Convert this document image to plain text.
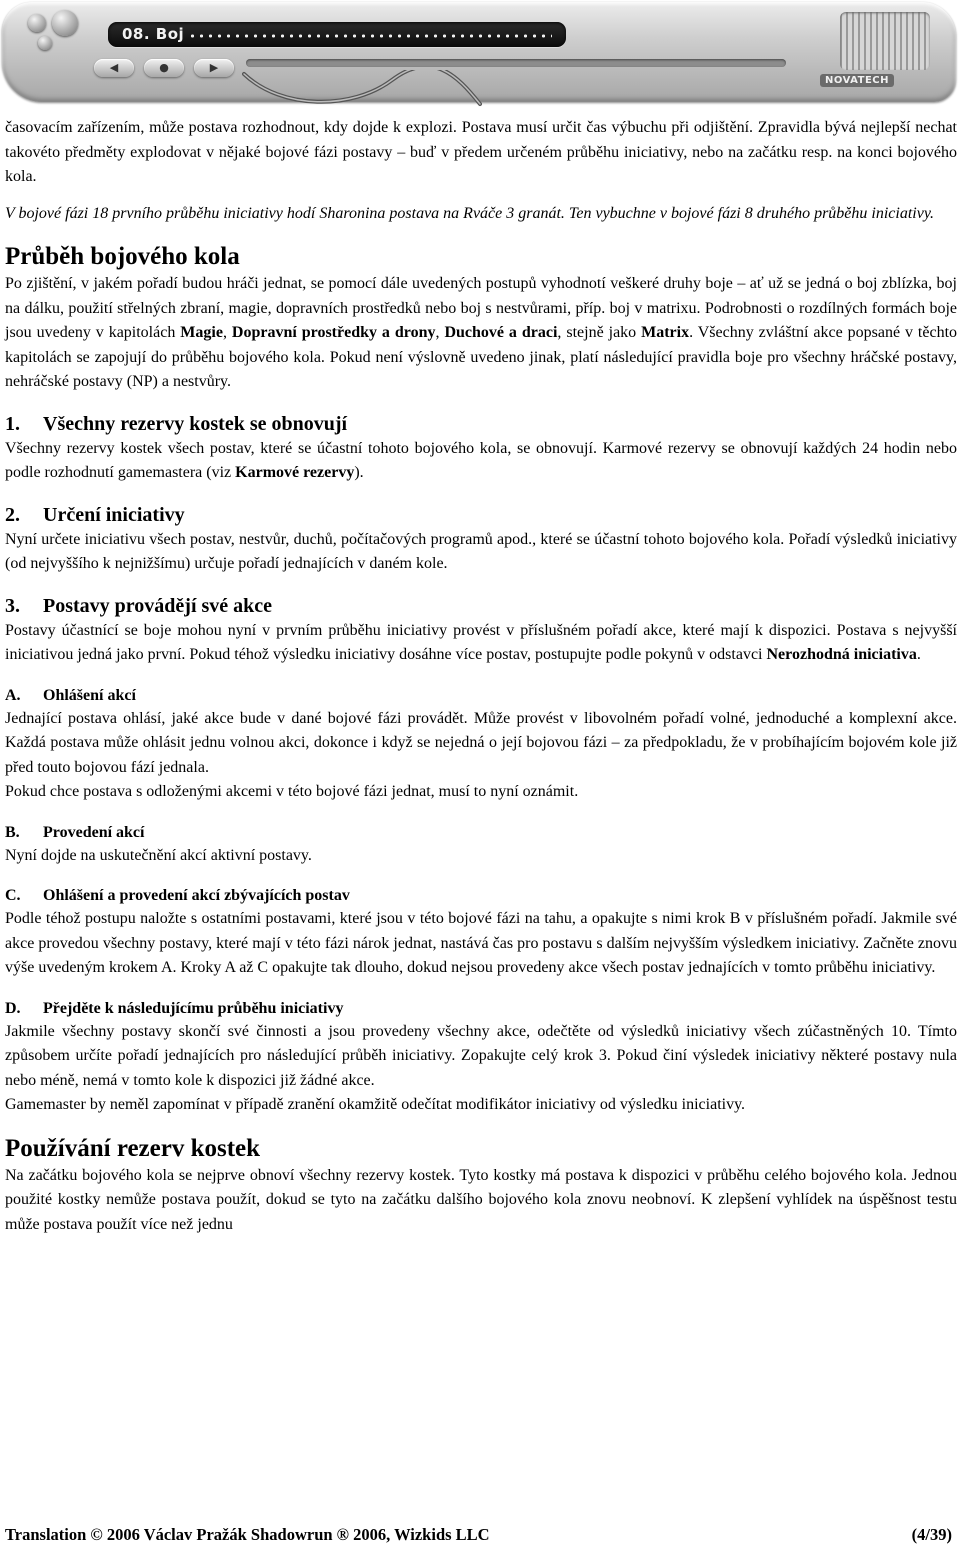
08. Boj
◀	●	▶
NOVATECH

časovacím zařízením, může postava rozhodnout, kdy dojde k explozi. Postava musí určit čas výbuchu při odjištění. Zpravidla bývá nejlepší nechat takovéto předměty explodovat v nějaké bojové fázi postavy – buď v předem určeném průběhu iniciativy, nebo na začátku resp. na konci bojového kola.

V bojové fázi 18 prvního průběhu iniciativy hodí Sharonina postava na Rváče 3 granát. Ten vybuchne v bojové fázi 8 druhého průběhu iniciativy.

Průběh bojového kola

Po zjištění, v jakém pořadí budou hráči jednat, se pomocí dále uvedených postupů vyhodnotí veškeré druhy boje – ať už se jedná o boj zblízka, boj na dálku, použití střelných zbraní, magie, dopravních prostředků nebo boj s nestvůrami, příp. boj v matrixu. Podrobnosti o rozdílných formách boje jsou uvedeny v kapitolách Magie, Dopravní prostředky a drony, Duchové a draci, stejně jako Matrix. Všechny zvláštní akce popsané v těchto kapitolách se zapojují do průběhu bojového kola. Pokud není výslovně uvedeno jinak, platí následující pravidla boje pro všechny hráčské postavy, nehráčské postavy (NP) a nestvůry.

1. Všechny rezervy kostek se obnovují

Všechny rezervy kostek všech postav, které se účastní tohoto bojového kola, se obnovují. Karmové rezervy se obnovují každých 24 hodin nebo podle rozhodnutí gamemastera (viz Karmové rezervy).

2. Určení iniciativy

Nyní určete iniciativu všech postav, nestvůr, duchů, počítačových programů apod., které se účastní tohoto bojového kola. Pořadí výsledků iniciativy (od nejvyššího k nejnižšímu) určuje pořadí jednajících v daném kole.

3. Postavy provádějí své akce

Postavy účastnící se boje mohou nyní v prvním průběhu iniciativy provést v příslušném pořadí akce, které mají k dispozici. Postava s nejvyšší iniciativou jedná jako první. Pokud téhož výsledku iniciativy dosáhne více postav, postupujte podle pokynů v odstavci Nerozhodná iniciativa.

A. Ohlášení akcí

Jednající postava ohlásí, jaké akce bude v dané bojové fázi provádět. Může provést v libovolném pořadí volné, jednoduché a komplexní akce. Každá postava může ohlásit jednu volnou akci, dokonce i když se nejedná o její bojovou fázi – za předpokladu, že v probíhajícím bojovém kole již před touto bojovou fází jednala.

Pokud chce postava s odloženými akcemi v této bojové fázi jednat, musí to nyní oznámit.

B. Provedení akcí

Nyní dojde na uskutečnění akcí aktivní postavy.

C. Ohlášení a provedení akcí zbývajících postav

Podle téhož postupu naložte s ostatními postavami, které jsou v této bojové fázi na tahu, a opakujte s nimi krok B v příslušném pořadí. Jakmile své akce provedou všechny postavy, které mají v této fázi nárok jednat, nastává čas pro postavu s dalším nejvyšším výsledkem iniciativy. Začněte znovu výše uvedeným krokem A. Kroky A až C opakujte tak dlouho, dokud nejsou provedeny akce všech postav jednajících v tomto průběhu iniciativy.

D. Přejděte k následujícímu průběhu iniciativy

Jakmile všechny postavy skončí své činnosti a jsou provedeny všechny akce, odečtěte od výsledků iniciativy všech zúčastněných 10. Tímto způsobem určíte pořadí jednajících pro následující průběh iniciativy. Zopakujte celý krok 3. Pokud činí výsledek iniciativy některé postavy nula nebo méně, nemá v tomto kole k dispozici již žádné akce.

Gamemaster by neměl zapomínat v případě zranění okamžitě odečítat modifikátor iniciativy od výsledku iniciativy.

Používání rezerv kostek

Na začátku bojového kola se nejprve obnoví všechny rezervy kostek. Tyto kostky má postava k dispozici v průběhu celého bojového kola. Jednou použité kostky nemůže postava použít, dokud se tyto na začátku dalšího bojového kola znovu neobnoví. K zlepšení vyhlídek na úspěšnost testu může postava použít více než jednu

Translation © 2006 Václav Pražák Shadowrun ® 2006, Wizkids LLC	(4/39)
